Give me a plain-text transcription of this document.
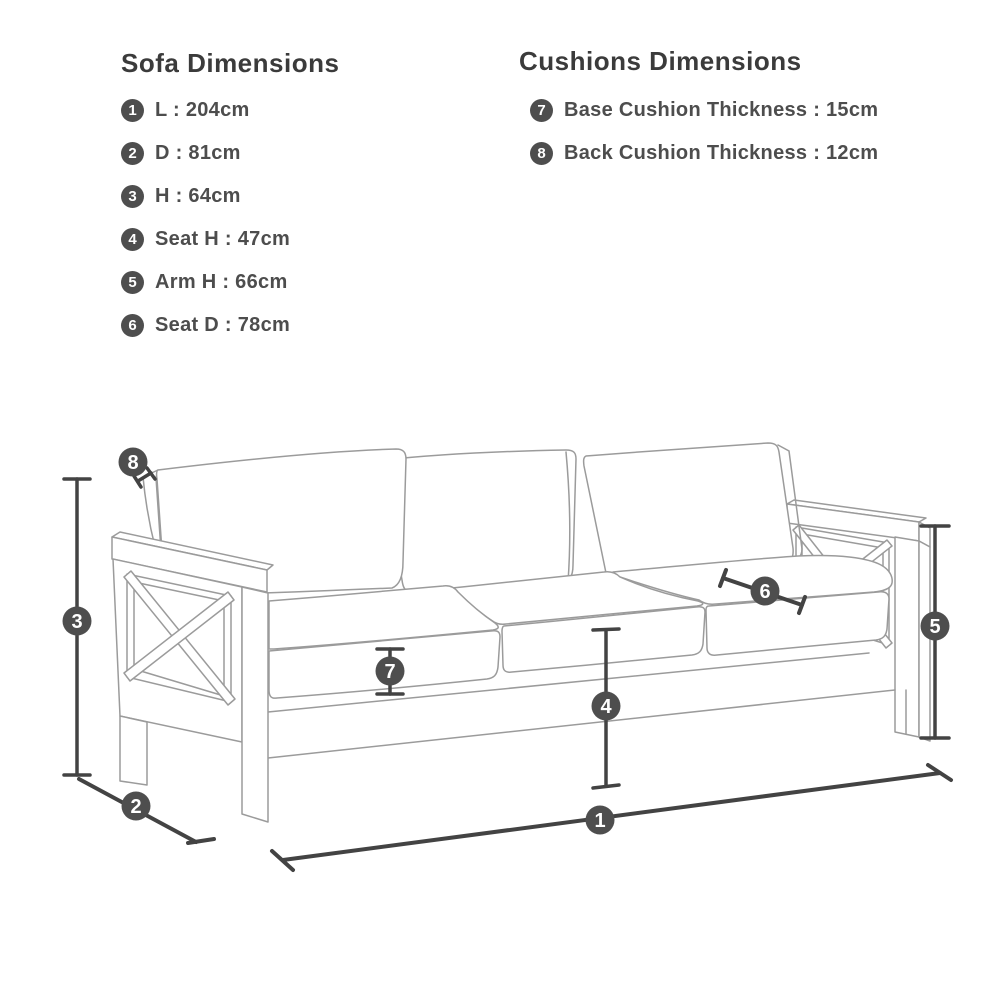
Sofa Dimensions
1 L : 204cm
2 D : 81cm
3 H : 64cm
4 Seat H : 47cm
5 Arm H : 66cm
6 Seat D : 78cm
Cushions Dimensions
7 Base Cushion Thickness : 15cm
8 Back Cushion Thickness : 12cm
1
2
3
4
5
6
7
8
